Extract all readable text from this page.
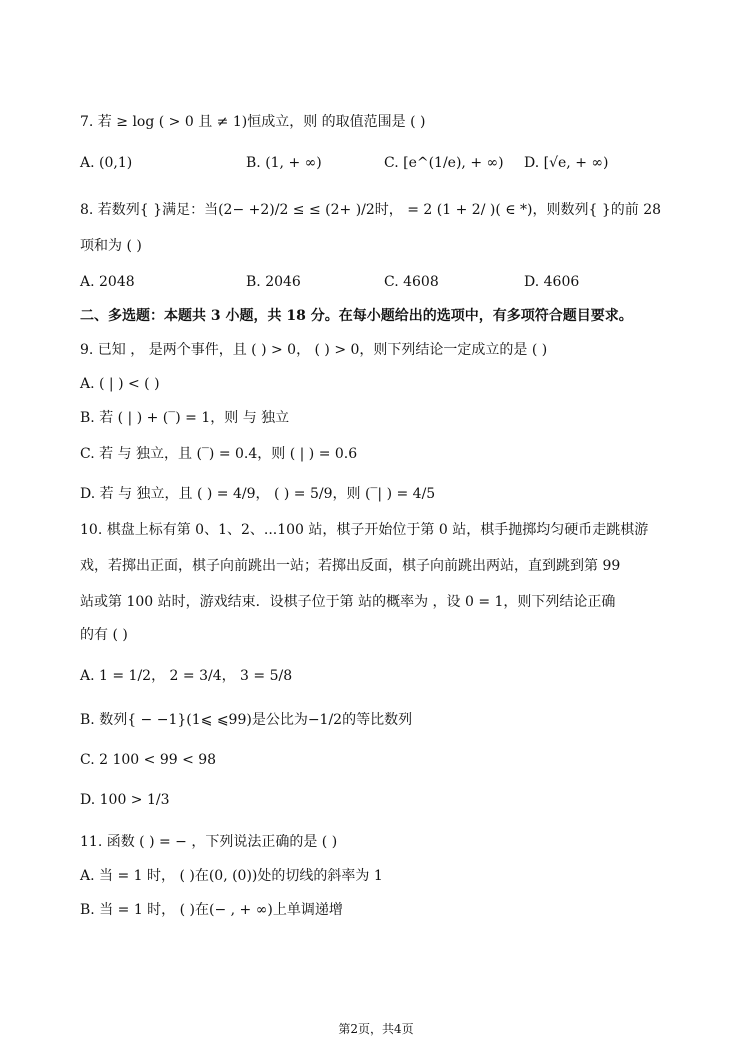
7. 若 ≥ log ( > 0 且 ≠ 1)恒成立，则 的取值范围是 ( )
A. (0,1)	B. (1, + ∞)	C. [e^(1/e), + ∞) D. [√e, + ∞)
8. 若数列{ }满足：当(2− +2)/2 ≤ ≤ (2+ )/2时， = 2 (1 + 2/ )( ∈ *)，则数列{ }的前 28
项和为 ( )
A. 2048	B. 2046	C. 4608	D. 4606
二、多选题：本题共 3 小题，共 18 分。在每小题给出的选项中，有多项符合题目要求。
9. 已知 ， 是两个事件，且 ( ) > 0， ( ) > 0，则下列结论一定成立的是 ( )
A. ( | ) < ( )
B. 若 ( | ) + (‾) = 1，则 与 独立
C. 若 与 独立，且 (‾) = 0.4，则 ( | ) = 0.6
D. 若 与 独立，且 ( ) = 4/9， ( ) = 5/9，则 (‾| ) = 4/5
10. 棋盘上标有第 0、1、2、...100 站，棋子开始位于第 0 站，棋手抛掷均匀硬币走跳棋游
戏，若掷出正面，棋子向前跳出一站；若掷出反面，棋子向前跳出两站，直到跳到第 99
站或第 100 站时，游戏结束．设棋子位于第 站的概率为 ，设 0 = 1，则下列结论正确
的有 ( )
A. 1 = 1/2， 2 = 3/4， 3 = 5/8
B. 数列{ − −1}(1⩽ ⩽99)是公比为−1/2的等比数列
C. 2 100 < 99 < 98
D. 100 > 1/3
11. 函数 ( ) = − ，下列说法正确的是 ( )
A. 当 = 1 时， ( )在(0, (0))处的切线的斜率为 1
B. 当 = 1 时， ( )在(− , + ∞)上单调递增
第2页，共4页
